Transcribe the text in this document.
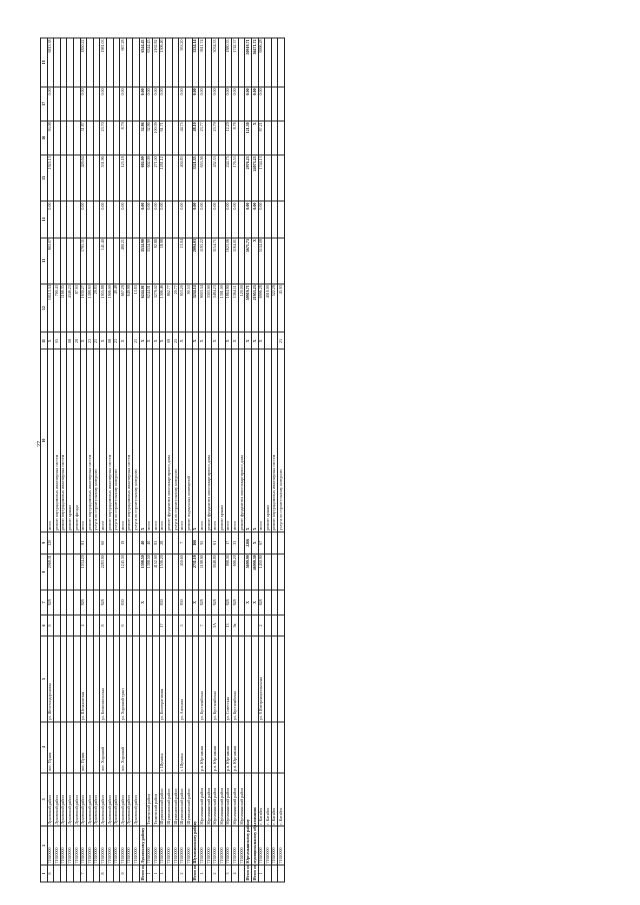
27
1	2	3	4	5	6	7	8	9	10	11	12	13	14	15	16	17	18
6	71920000	Луковский район	пос. Пушм	ул. Железнодорожная	6	828	2068.31	120	итого	X	10113.34	803.07	0.00	1925.13	93.08	0.00	6813.38
	71920000	Луковский район							ремонт внутридомовых инженерных систем	05	790.43						
	71920000	Луковский район							ремонт внутридомовых инженерных систем		1166.35						
	71920000	Луковский район							ремонт крыши	08	4346.23						
	71920000	Луковский район							ремонт фасада	29	87.93						
7	71920000	Луковский район	пос. Пушм	ул. Шелаховская	4	826	1034.20	81	итого	X	1630.27	1791.11	0.00	426.64	51.87	0.00	1850.22
	71920000	Луковский район							ремонт внутридомовых инженерных систем	23	1388.93						
	71920000	Луковский район							услуги по строительному контролю	21	29.83						
8	71920000	Луковский район	пос. Хороший	ул. Комсомольская	8	828	2283.90	60	итого	X	1955.88	141.40	0.00	531.96	23.70	0.00	1981.03
	71920000	Луковский район							ремонт внутридомовых инженерных систем	08	1906.00						
	71920000	Луковский район							услуги по строительному контролю	21	49.48						
9	71920000	Луковский район	пос. Хороший	ул. Хороший тракт	6	830	1245.30	19	итого	X	667.29	480.21	0.00	125.18	8.79	0.00	667.28
	71920000	Луковский район							ремонт внутридомовых инженерных систем		649.99						
	71920000	Луковский район							услуги по строительному контролю	21	13.83						
Итого по Луковскому району						X	1398.50	40	X	X	6244.01	3534.90	0.00	602.09	32.86	0.00	6344.45
1	71920000	Тюменский район					1398.50	40	итого	X	6244.01	3534.90	0.00	602.09	32.86	0.00	6344.45
1	71920000	Тюменский район					4152.90	83	итого	X	3279.02	92.88	0.00	271.00	100.09	0.00	2162.82
1	71920000	Шумихинский район	г. Шумиха	ул. Кооперативная	17	830	1536.20	28	итого	X	1306.46	18.98	0.00	1281.12	61.71	0.00	1306.46
	71920000	Шумихинский район							ремонт фундамента многоквартирного дома	09	862.77						
	71920000	Шумихинский район							услуги по строительному контролю	25	20.77						
2	71920000	Шумихинский район	г. Шумиха	ул. Анохина	5	830	450.60	7	итого	X	953.20	13.94	0.00	404.83	44.75	0.00	953.20
	71920000	Шумихинский район							ремонт подвальных помещений		90.53						
Итого по Шумихинскому району						X	2711.10	166	X	X	3234.14	2094.03	0.00	3321.55	48.10	0.00	3234.14
1	71920000	Юргамышский район	р.п. Юргамыш	ул. Кустанайская	7	828	1198.90	95	итого	X	9003.34	1193.22	0.00	653.56	23.77	0.00	3611.74
	71920000	Юргамышский район							ремонт фундамента многоквартирного дома		3303.90						
2	71920000	Юргамышский район	р.п. Юргамыш	ул. Кустанайская	3А	828	3048.80	61	итого	X	3484.23	3154.71	0.00	452.53	23.79	0.00	3034.33
	71920000	Юргамышский район							ремонт крыши		1391.00						
3	71920000	Юргамышский район	р.п. Юргамыш	ул. Советская	13	828	998.30	17	итого	X	1864.90	1623.06	0.00	244.75	12.29	0.00	1880.35
4	71920000	Юргамышский район	р.п. Юргамыш	ул. Кустанайская	9а	828	696.20	33	итого	X	1364.11	1164.01	0.00	176.53	8.78	0.00	1742.37
	71920000	Юргамышский район							ремонт фундамента многоквартирного дома		120.00						
Итого по Юргамышскому району						X	5699.90	2266	X	X	50919.71	5671.73	0.00	2976.23	121.30	0.00	50919.71
Итого по муниципальному образованию						X	46990.30	X	X	X	21953.23	X	0.00	24073.23	X	0.00	36471.72
1	71920000	г. Катайск		ул. 8 Интернациональная	2	828	1450.90	67	итого	X	6996.28	5134.08	0.00	1744.13	87.21	0.00	6996.28
	71920000	г. Катайск							ремонт крыши		4016.00						
	71920000	г. Катайск							ремонт внутридомовых инженерных систем		522.29						
	71920000	г. Катайск							услуги по строительному контролю	21	45.93						
